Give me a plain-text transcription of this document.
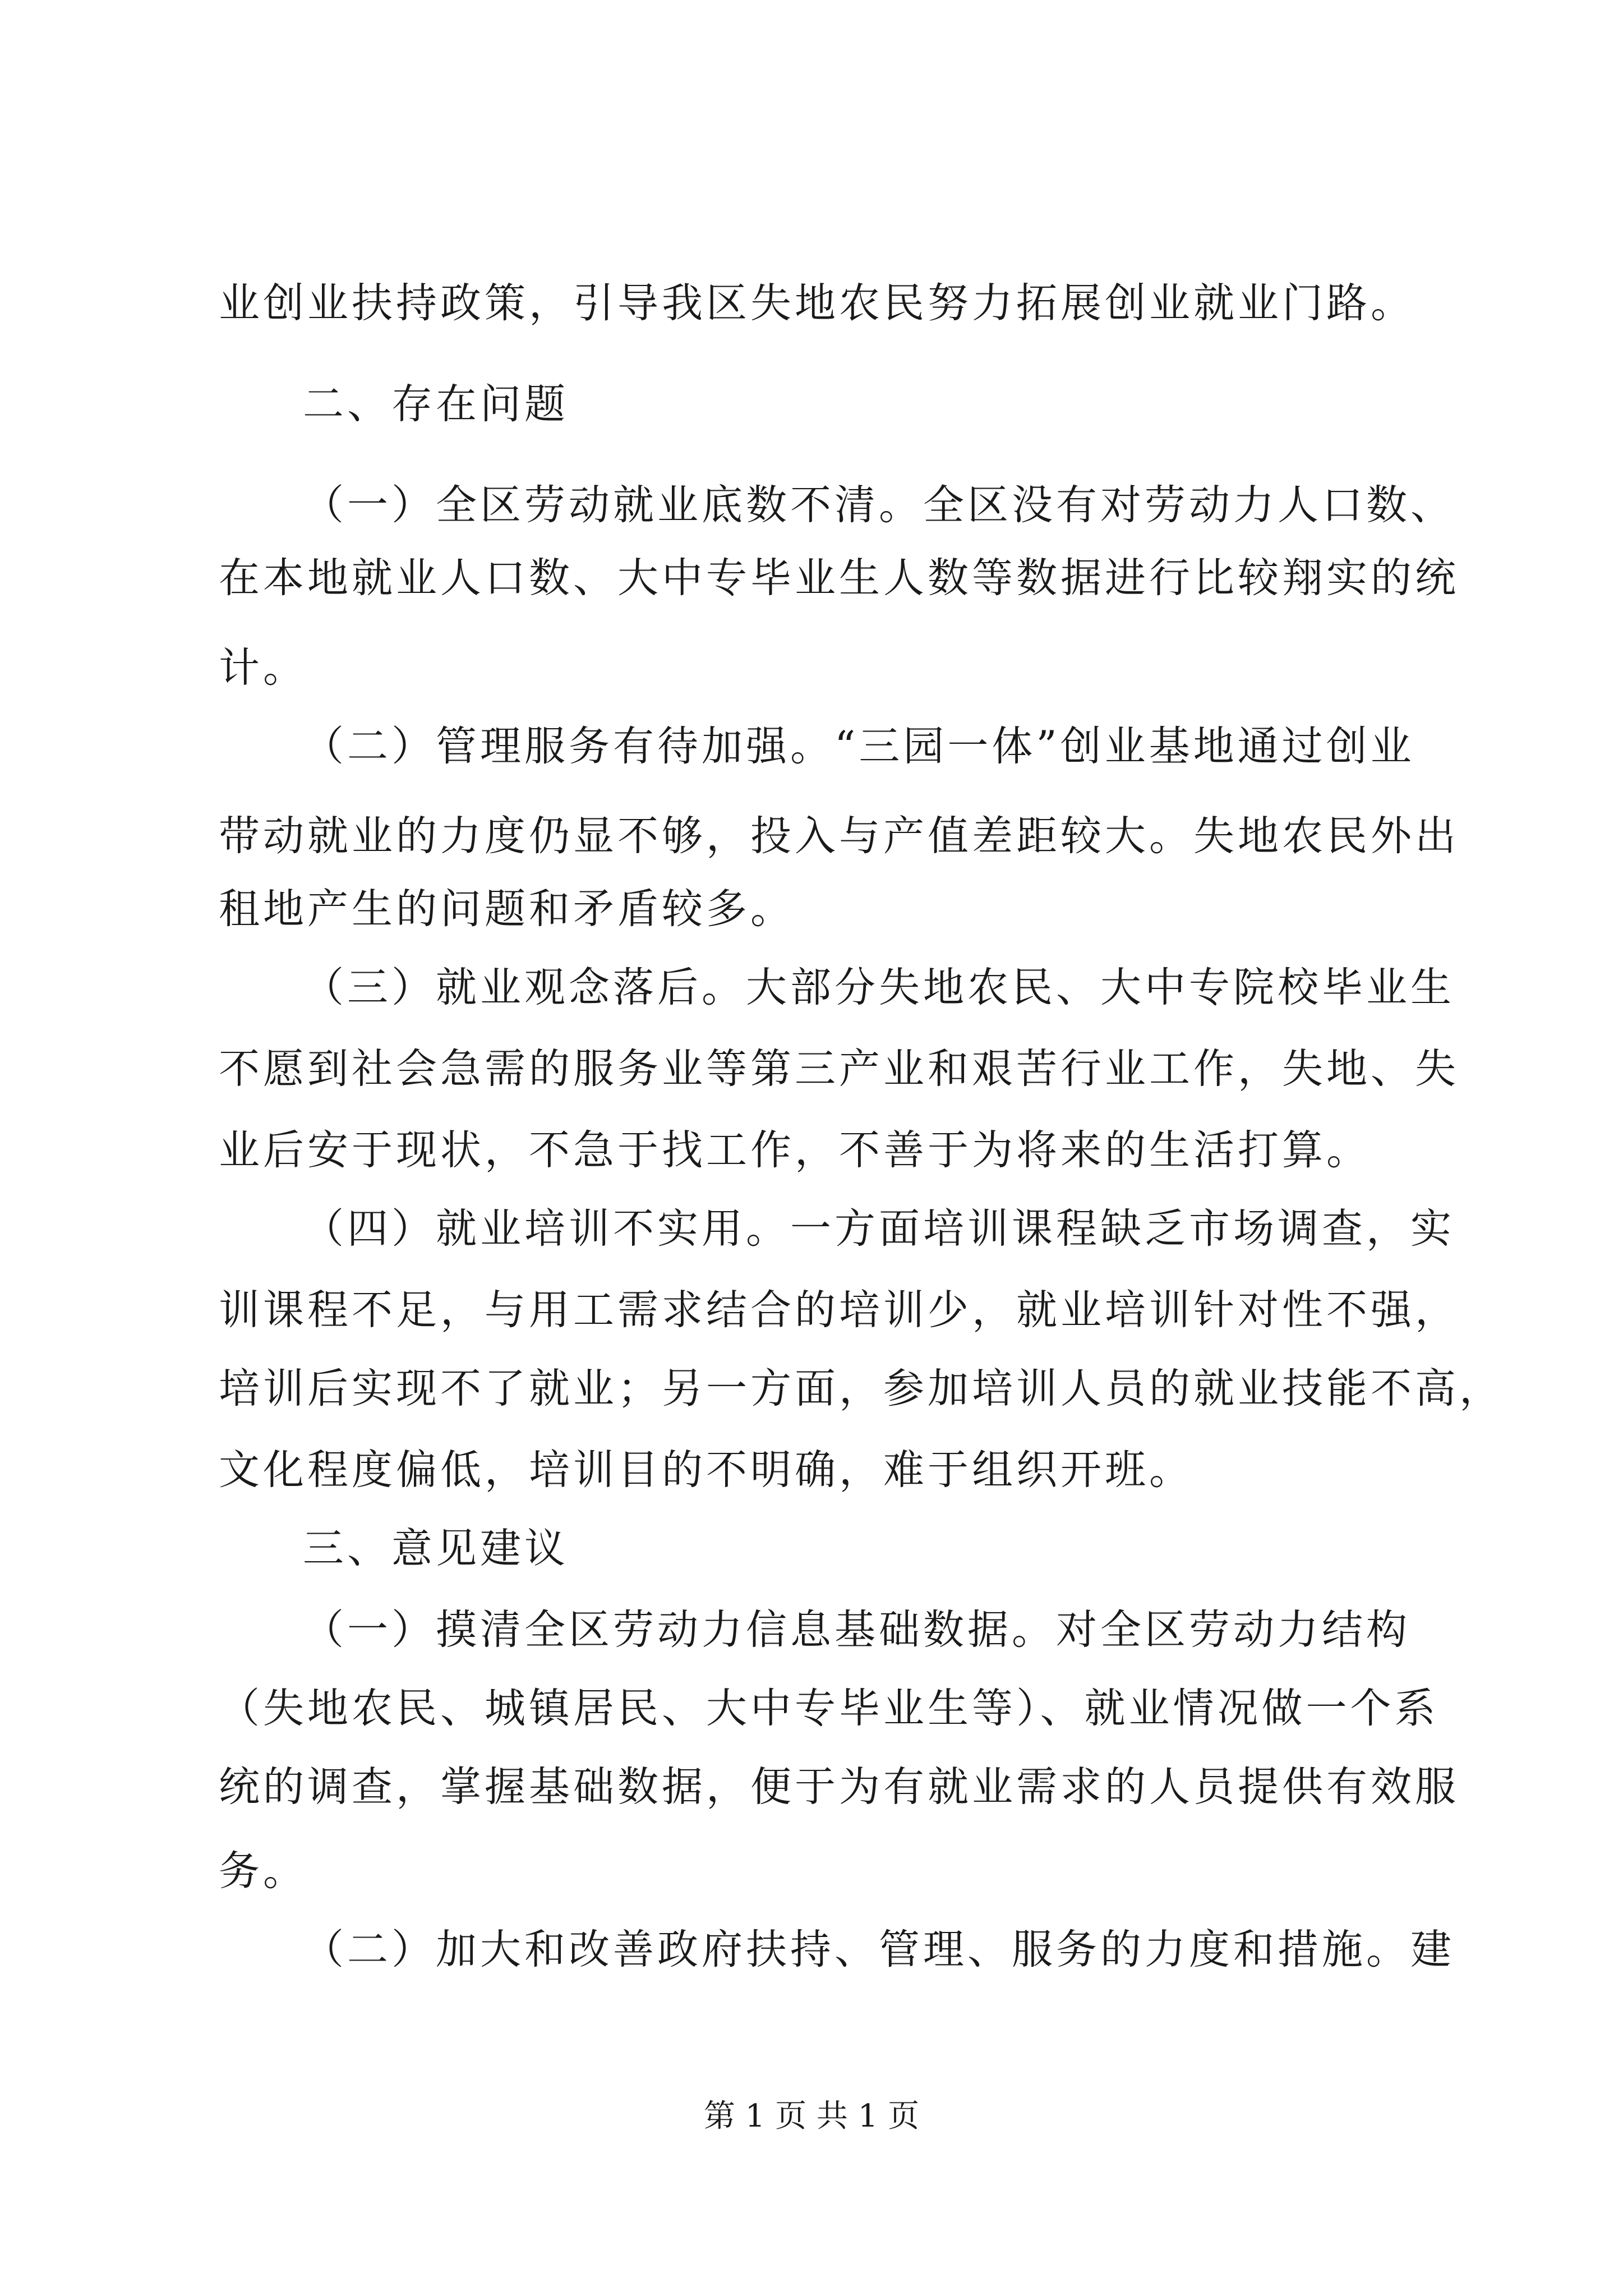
业创业扶持政策，引导我区失地农民努力拓展创业就业门路。
二、存在问题
（一）全区劳动就业底数不清。全区没有对劳动力人口数、
在本地就业人口数、大中专毕业生人数等数据进行比较翔实的统
计。
（二）管理服务有待加强。“三园一体”创业基地通过创业
带动就业的力度仍显不够，投入与产值差距较大。失地农民外出
租地产生的问题和矛盾较多。
（三）就业观念落后。大部分失地农民、大中专院校毕业生
不愿到社会急需的服务业等第三产业和艰苦行业工作，失地、失
业后安于现状，不急于找工作，不善于为将来的生活打算。
（四）就业培训不实用。一方面培训课程缺乏市场调查，实
训课程不足，与用工需求结合的培训少，就业培训针对性不强，
培训后实现不了就业；另一方面，参加培训人员的就业技能不高，
文化程度偏低，培训目的不明确，难于组织开班。
三、意见建议
（一）摸清全区劳动力信息基础数据。对全区劳动力结构
（失地农民、城镇居民、大中专毕业生等）、就业情况做一个系
统的调查，掌握基础数据，便于为有就业需求的人员提供有效服
务。
（二）加大和改善政府扶持、管理、服务的力度和措施。建
第 1 页 共 1 页
